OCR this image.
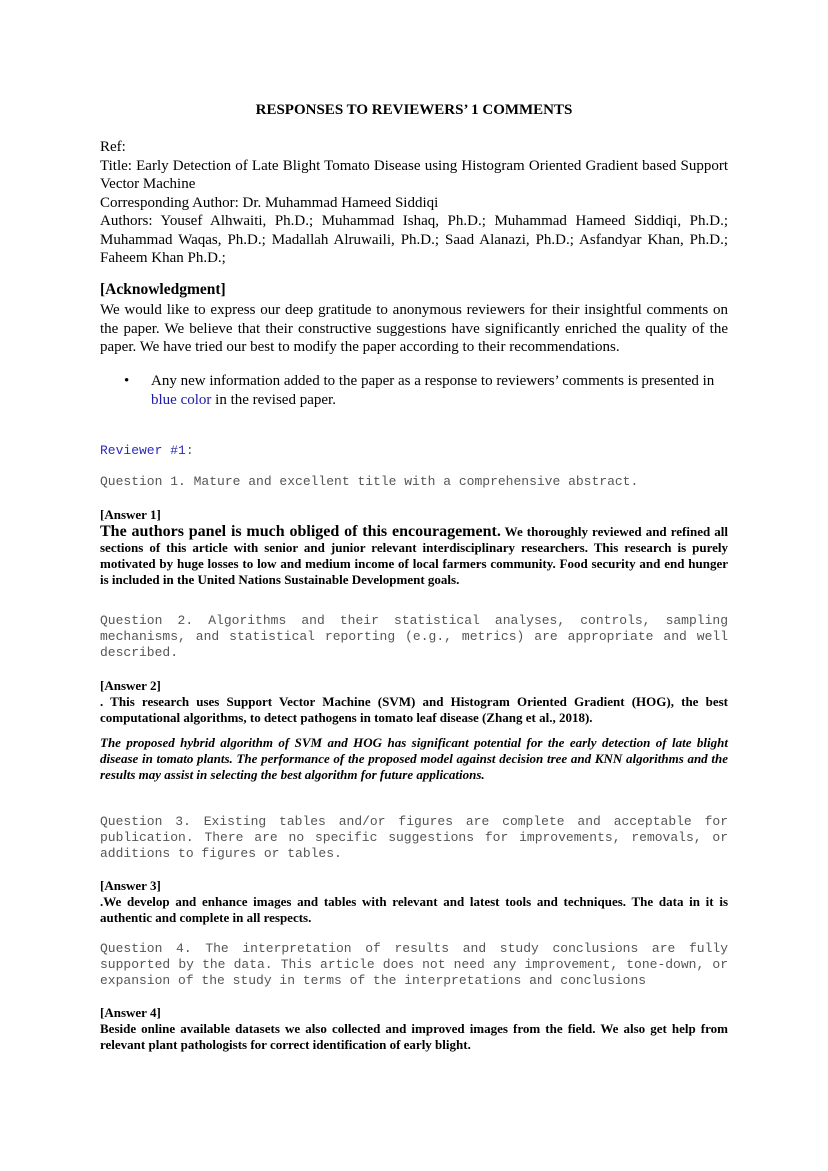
RESPONSES TO REVIEWERS’ 1 COMMENTS

Ref:

Title: Early Detection of Late Blight Tomato Disease using Histogram Oriented Gradient based Support Vector Machine

Corresponding Author: Dr. Muhammad Hameed Siddiqi

Authors: Yousef Alhwaiti, Ph.D.; Muhammad Ishaq, Ph.D.; Muhammad Hameed Siddiqi, Ph.D.; Muhammad Waqas, Ph.D.; Madallah Alruwaili, Ph.D.; Saad Alanazi, Ph.D.; Asfandyar Khan, Ph.D.; Faheem Khan Ph.D.;

[Acknowledgment]

We would like to express our deep gratitude to anonymous reviewers for their insightful comments on the paper. We believe that their constructive suggestions have significantly enriched the quality of the paper. We have tried our best to modify the paper according to their recommendations.

• Any new information added to the paper as a response to reviewers’ comments is presented in blue color in the revised paper.
Reviewer #1:

Question 1. Mature and excellent title with a comprehensive abstract.

[Answer 1]

The authors panel is much obliged of this encouragement. We thoroughly reviewed and refined all sections of this article with senior and junior relevant interdisciplinary researchers. This research is purely motivated by huge losses to low and medium income of local farmers community. Food security and end hunger is included in the United Nations Sustainable Development goals.

Question 2. Algorithms and their statistical analyses, controls, sampling mechanisms, and statistical reporting (e.g., metrics) are appropriate and well described.

[Answer 2]

. This research uses Support Vector Machine (SVM) and Histogram Oriented Gradient (HOG), the best computational algorithms, to detect pathogens in tomato leaf disease (Zhang et al., 2018).

The proposed hybrid algorithm of SVM and HOG has significant potential for the early detection of late blight disease in tomato plants. The performance of the proposed model against decision tree and KNN algorithms and the results may assist in selecting the best algorithm for future applications.

Question 3. Existing tables and/or figures are complete and acceptable for publication. There are no specific suggestions for improvements, removals, or additions to figures or tables.

[Answer 3]

.We develop and enhance images and tables with relevant and latest tools and techniques. The data in it is authentic and complete in all respects.

Question 4. The interpretation of results and study conclusions are fully supported by the data. This article does not need any improvement, tone-down, or expansion of the study in terms of the interpretations and conclusions

[Answer 4]

Beside online available datasets we also collected and improved images from the field. We also get help from relevant plant pathologists for correct identification of early blight.
